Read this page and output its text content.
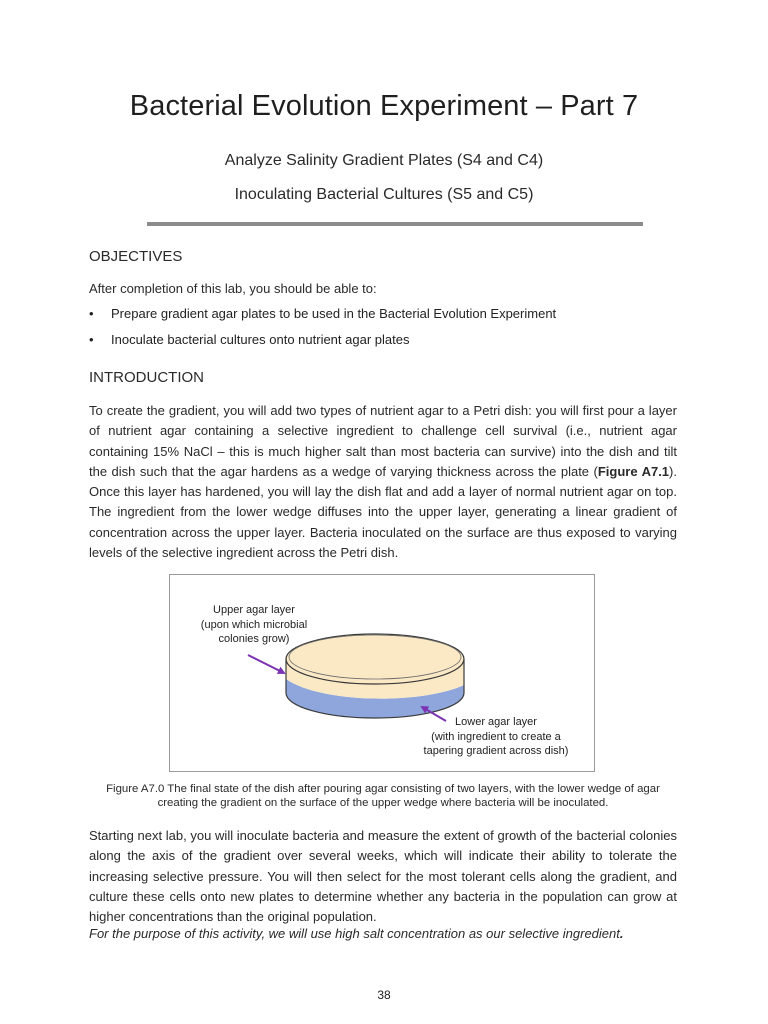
Bacterial Evolution Experiment – Part 7
Analyze Salinity Gradient Plates (S4 and C4)
Inoculating Bacterial Cultures (S5 and C5)
OBJECTIVES
After completion of this lab, you should be able to:
• Prepare gradient agar plates to be used in the Bacterial Evolution Experiment
• Inoculate bacterial cultures onto nutrient agar plates
INTRODUCTION
To create the gradient, you will add two types of nutrient agar to a Petri dish: you will first pour a layer of nutrient agar containing a selective ingredient to challenge cell survival (i.e., nutrient agar containing 15% NaCl – this is much higher salt than most bacteria can survive) into the dish and tilt the dish such that the agar hardens as a wedge of varying thickness across the plate (Figure A7.1). Once this layer has hardened, you will lay the dish flat and add a layer of normal nutrient agar on top. The ingredient from the lower wedge diffuses into the upper layer, generating a linear gradient of concentration across the upper layer. Bacteria inoculated on the surface are thus exposed to varying levels of the selective ingredient across the Petri dish.
Upper agar layer
(upon which microbial
colonies grow)
Lower agar layer
(with ingredient to create a
tapering gradient across dish)
Figure A7.0 The final state of the dish after pouring agar consisting of two layers, with the lower wedge of agar creating the gradient on the surface of the upper wedge where bacteria will be inoculated.
Starting next lab, you will inoculate bacteria and measure the extent of growth of the bacterial colonies along the axis of the gradient over several weeks, which will indicate their ability to tolerate the increasing selective pressure. You will then select for the most tolerant cells along the gradient, and culture these cells onto new plates to determine whether any bacteria in the population can grow at higher concentrations than the original population.
For the purpose of this activity, we will use high salt concentration as our selective ingredient.
38
